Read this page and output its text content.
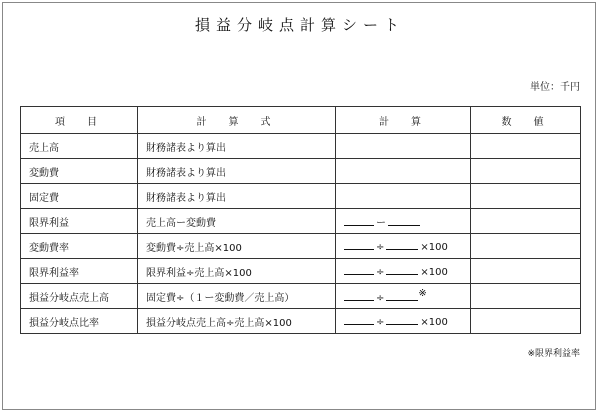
損益分岐点計算シート
単位：千円
項　目	計　算　式	計　算	数　値
売上高	財務諸表より算出		
変動費	財務諸表より算出		
固定費	財務諸表より算出		
限界利益	売上高ー変動費	ー	
変動費率	変動費÷売上高×100	÷ ×100	
限界利益率	限界利益÷売上高×100	÷ ×100	
損益分岐点売上高	固定費÷（１ー変動費／売上高）	÷ ※	
損益分岐点比率	損益分岐点売上高÷売上高×100	÷ ×100	
※限界利益率
